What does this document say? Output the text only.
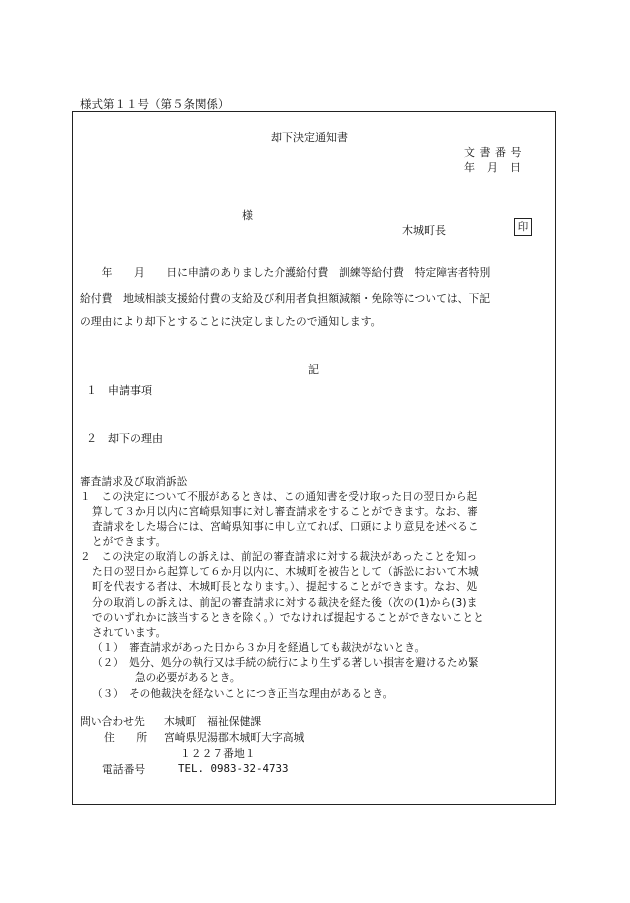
様式第１１号（第５条関係）
却下決定通知書
文 書 番 号
年　月　日
様
木城町長	印
　　年　　月　　日に申請のありました介護給付費　訓練等給付費　特定障害者特別
給付費　地域相談支援給付費の支給及び利用者負担額減額・免除等については、下記
の理由により却下とすることに決定しましたので通知します。
記
１　申請事項
２　却下の理由
審査請求及び取消訴訟
１　この決定について不服があるときは、この通知書を受け取った日の翌日から起
算して３か月以内に宮崎県知事に対し審査請求をすることができます。なお、審
査請求をした場合には、宮崎県知事に申し立てれば、口頭により意見を述べるこ
とができます。
２　この決定の取消しの訴えは、前記の審査請求に対する裁決があったことを知っ
た日の翌日から起算して６か月以内に、木城町を被告として（訴訟において木城
町を代表する者は、木城町長となります。）、提起することができます。なお、処
分の取消しの訴えは、前記の審査請求に対する裁決を経た後（次の(1)から(3)ま
でのいずれかに該当するときを除く。）でなければ提起することができないことと
されています。
（１）　審査請求があった日から３か月を経過しても裁決がないとき。
（２）　処分、処分の執行又は手続の続行により生ずる著しい損害を避けるため緊
急の必要があるとき。
（３）　その他裁決を経ないことにつき正当な理由があるとき。
問い合わせ先 木城町　福祉保健課
住　　所 宮崎県児湯郡木城町大字高城
１２２７番地１
電話番号	TEL. 0983-32-4733
